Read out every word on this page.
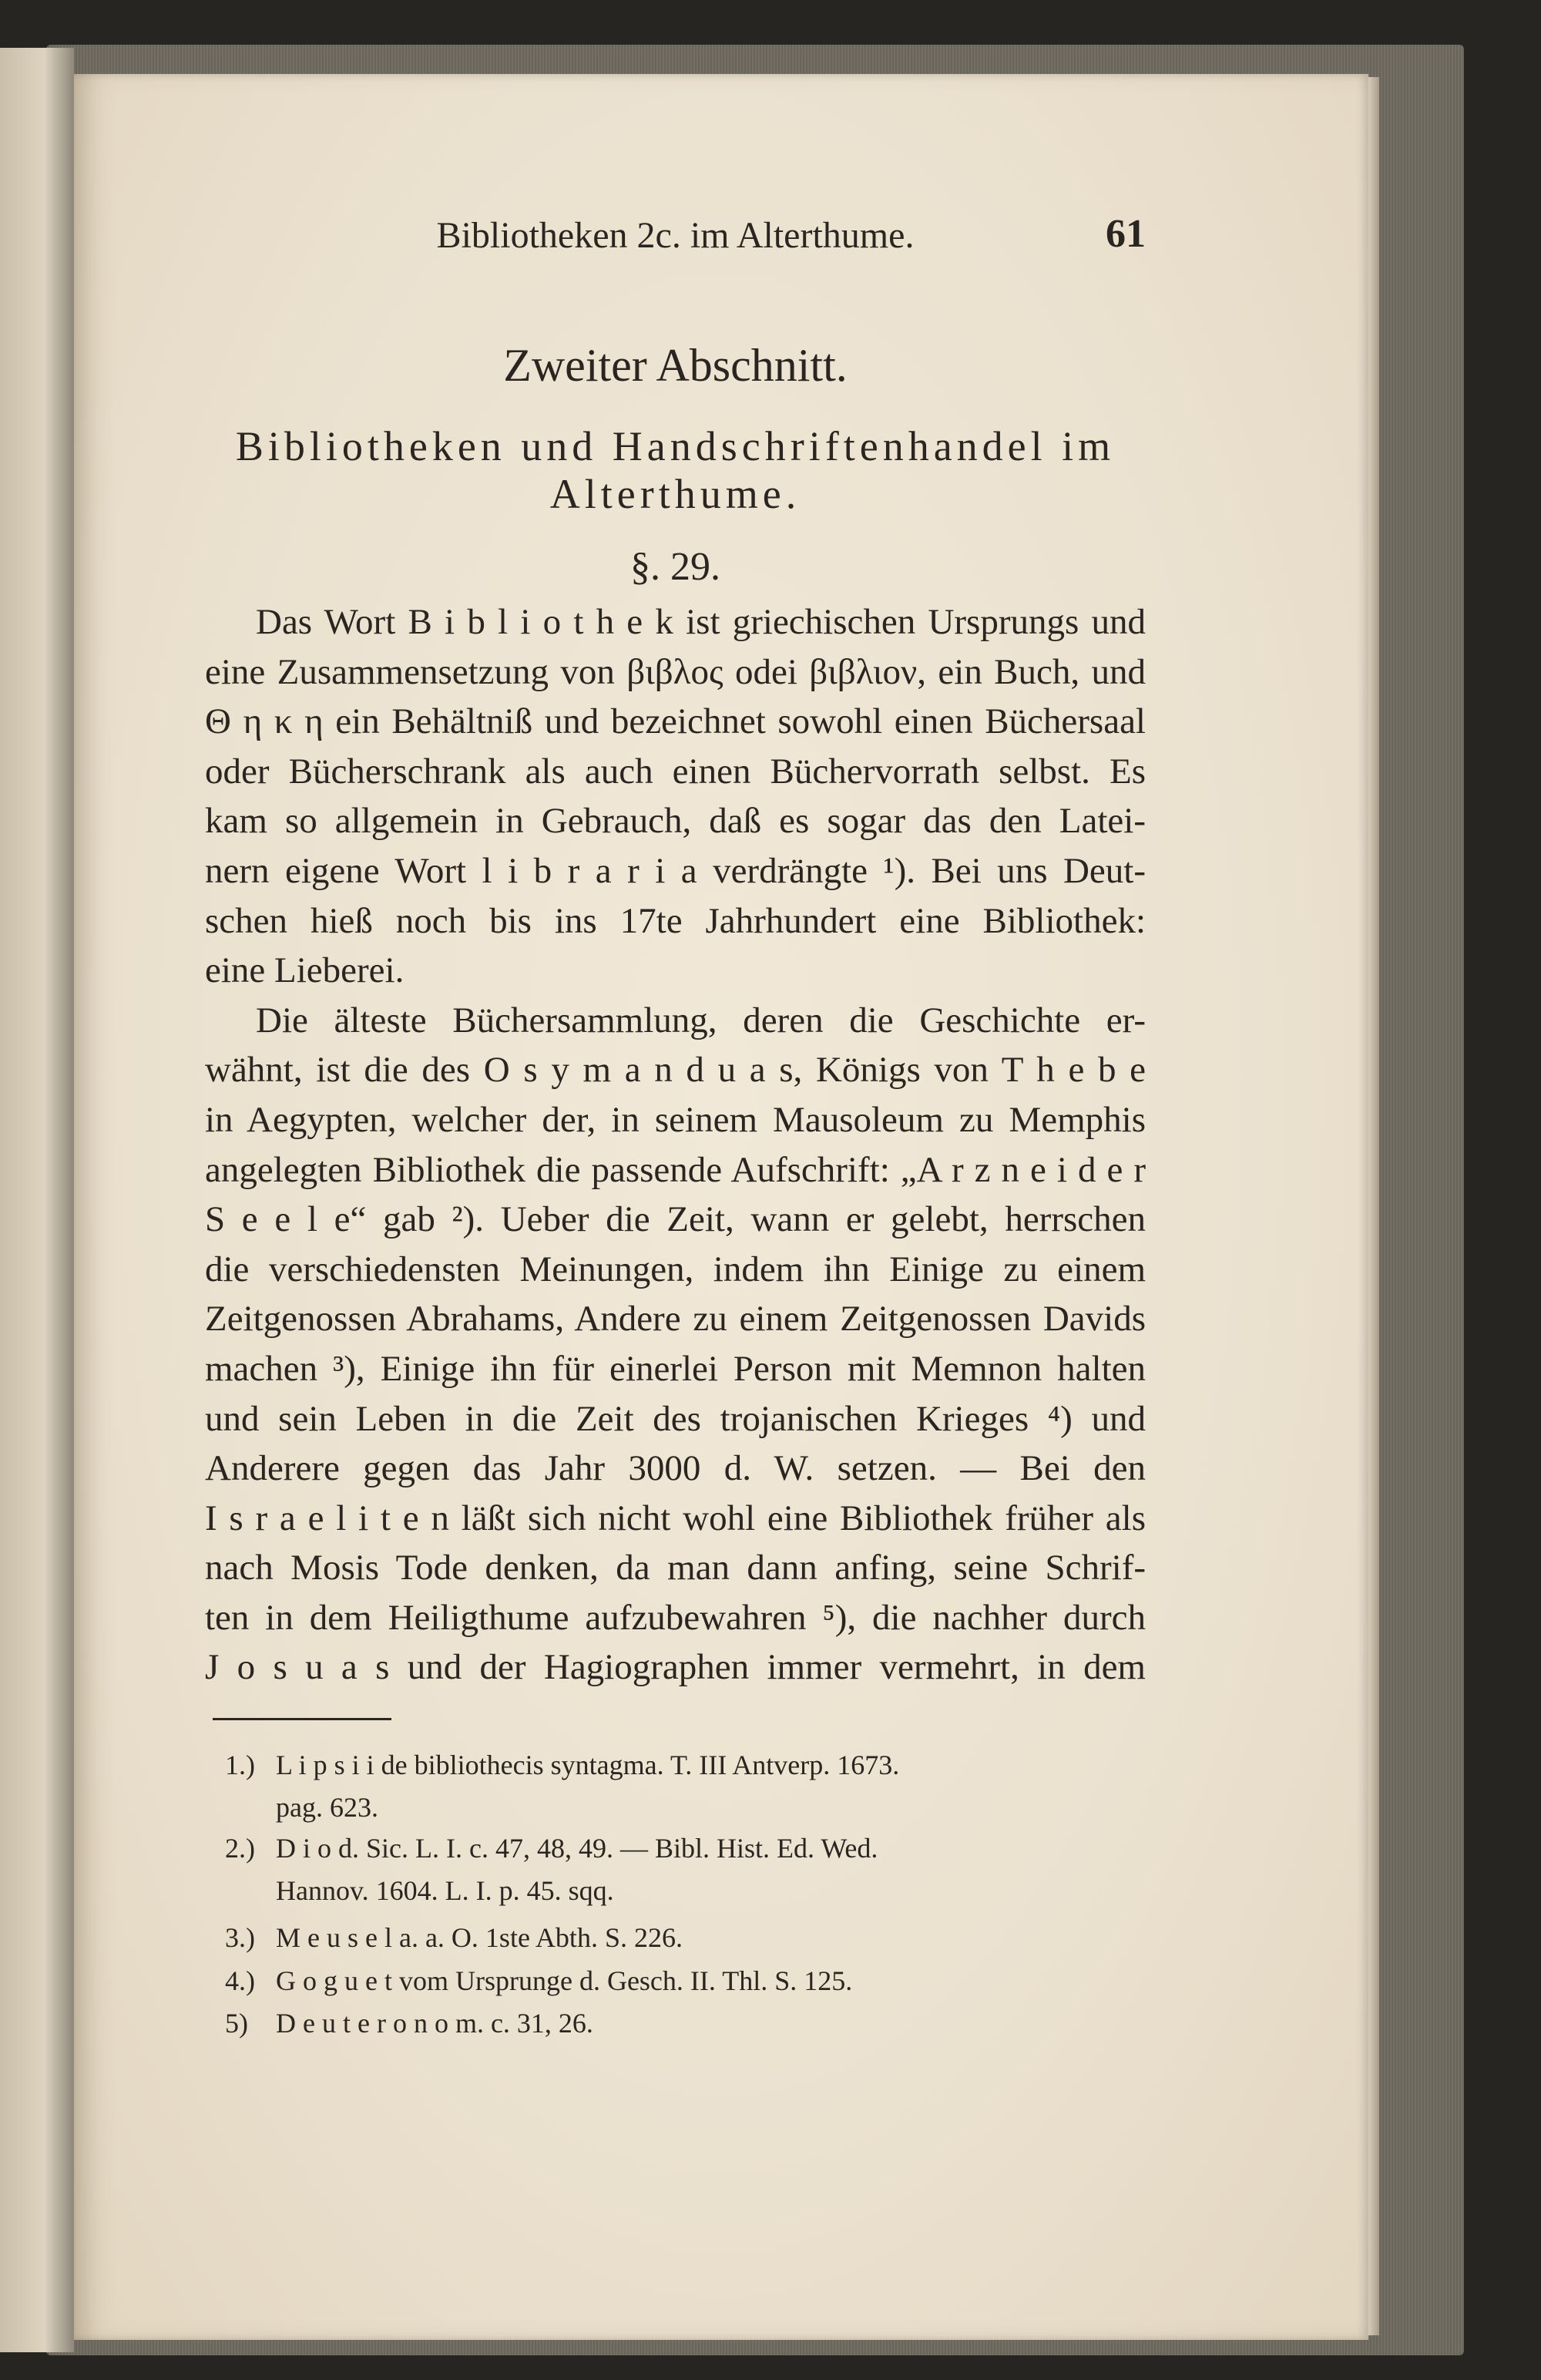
Bibliotheken 2c. im Alterthume.	61
Zweiter Abschnitt.
Bibliotheken und Handschriftenhandel im
Alterthume.
§. 29.
Das Wort B i b l i o t h e k ist griechischen Ursprungs und
eine Zusammensetzung von βιβλος odei βιβλιον, ein Buch, und
Θ η κ η ein Behältniß und bezeichnet sowohl einen Büchersaal
oder Bücherschrank als auch einen Büchervorrath selbst. Es
kam so allgemein in Gebrauch, daß es sogar das den Latei-
nern eigene Wort l i b r a r i a verdrängte ¹). Bei uns Deut-
schen hieß noch bis ins 17te Jahrhundert eine Bibliothek:
eine Lieberei.
Die älteste Büchersammlung, deren die Geschichte er-
wähnt, ist die des O s y m a n d u a s, Königs von T h e b e
in Aegypten, welcher der, in seinem Mausoleum zu Memphis
angelegten Bibliothek die passende Aufschrift: „A r z n e i d e r
S e e l e“ gab ²). Ueber die Zeit, wann er gelebt, herrschen
die verschiedensten Meinungen, indem ihn Einige zu einem
Zeitgenossen Abrahams, Andere zu einem Zeitgenossen Davids
machen ³), Einige ihn für einerlei Person mit Memnon halten
und sein Leben in die Zeit des trojanischen Krieges ⁴) und
Anderere gegen das Jahr 3000 d. W. setzen. — Bei den
I s r a e l i t e n läßt sich nicht wohl eine Bibliothek früher als
nach Mosis Tode denken, da man dann anfing, seine Schrif-
ten in dem Heiligthume aufzubewahren ⁵), die nachher durch
J o s u a s und der Hagiographen immer vermehrt, in dem
1.) L i p s i i de bibliothecis syntagma. T. III Antverp. 1673.
pag. 623.
2.) D i o d. Sic. L. I. c. 47, 48, 49. — Bibl. Hist. Ed. Wed.
Hannov. 1604. L. I. p. 45. sqq.
3.) M e u s e l a. a. O. 1ste Abth. S. 226.
4.) G o g u e t vom Ursprunge d. Gesch. II. Thl. S. 125.
5) D e u t e r o n o m. c. 31, 26.
